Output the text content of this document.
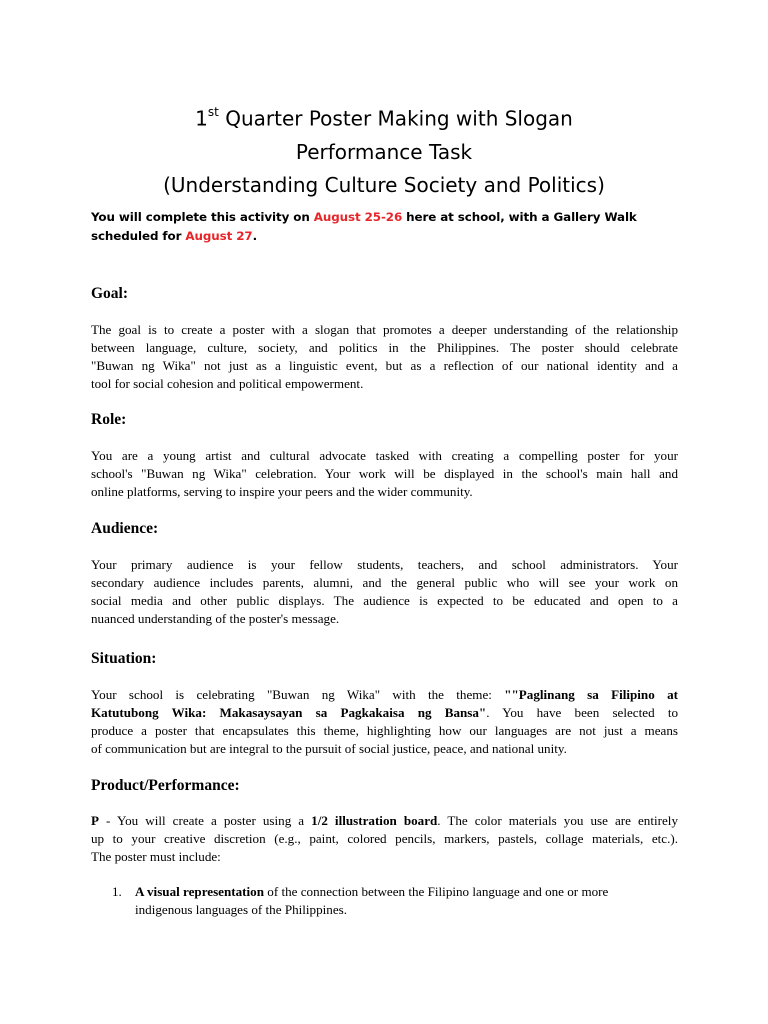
1st Quarter Poster Making with Slogan
Performance Task
(Understanding Culture Society and Politics)

You will complete this activity on August 25-26 here at school, with a Gallery Walk scheduled for August 27.

Goal:

The goal is to create a poster with a slogan that promotes a deeper understanding of the relationship
between language, culture, society, and politics in the Philippines. The poster should celebrate
"Buwan ng Wika" not just as a linguistic event, but as a reflection of our national identity and a
tool for social cohesion and political empowerment.

Role:

You are a young artist and cultural advocate tasked with creating a compelling poster for your
school's "Buwan ng Wika" celebration. Your work will be displayed in the school's main hall and
online platforms, serving to inspire your peers and the wider community.

Audience:

Your primary audience is your fellow students, teachers, and school administrators. Your
secondary audience includes parents, alumni, and the general public who will see your work on
social media and other public displays. The audience is expected to be educated and open to a
nuanced understanding of the poster's message.

Situation:

Your school is celebrating "Buwan ng Wika" with the theme: ""Paglinang sa Filipino at
Katutubong Wika: Makasaysayan sa Pagkakaisa ng Bansa". You have been selected to
produce a poster that encapsulates this theme, highlighting how our languages are not just a means
of communication but are integral to the pursuit of social justice, peace, and national unity.

Product/Performance:

P - You will create a poster using a 1/2 illustration board. The color materials you use are entirely
up to your creative discretion (e.g., paint, colored pencils, markers, pastels, collage materials, etc.).
The poster must include:

1. A visual representation of the connection between the Filipino language and one or more
indigenous languages of the Philippines.
